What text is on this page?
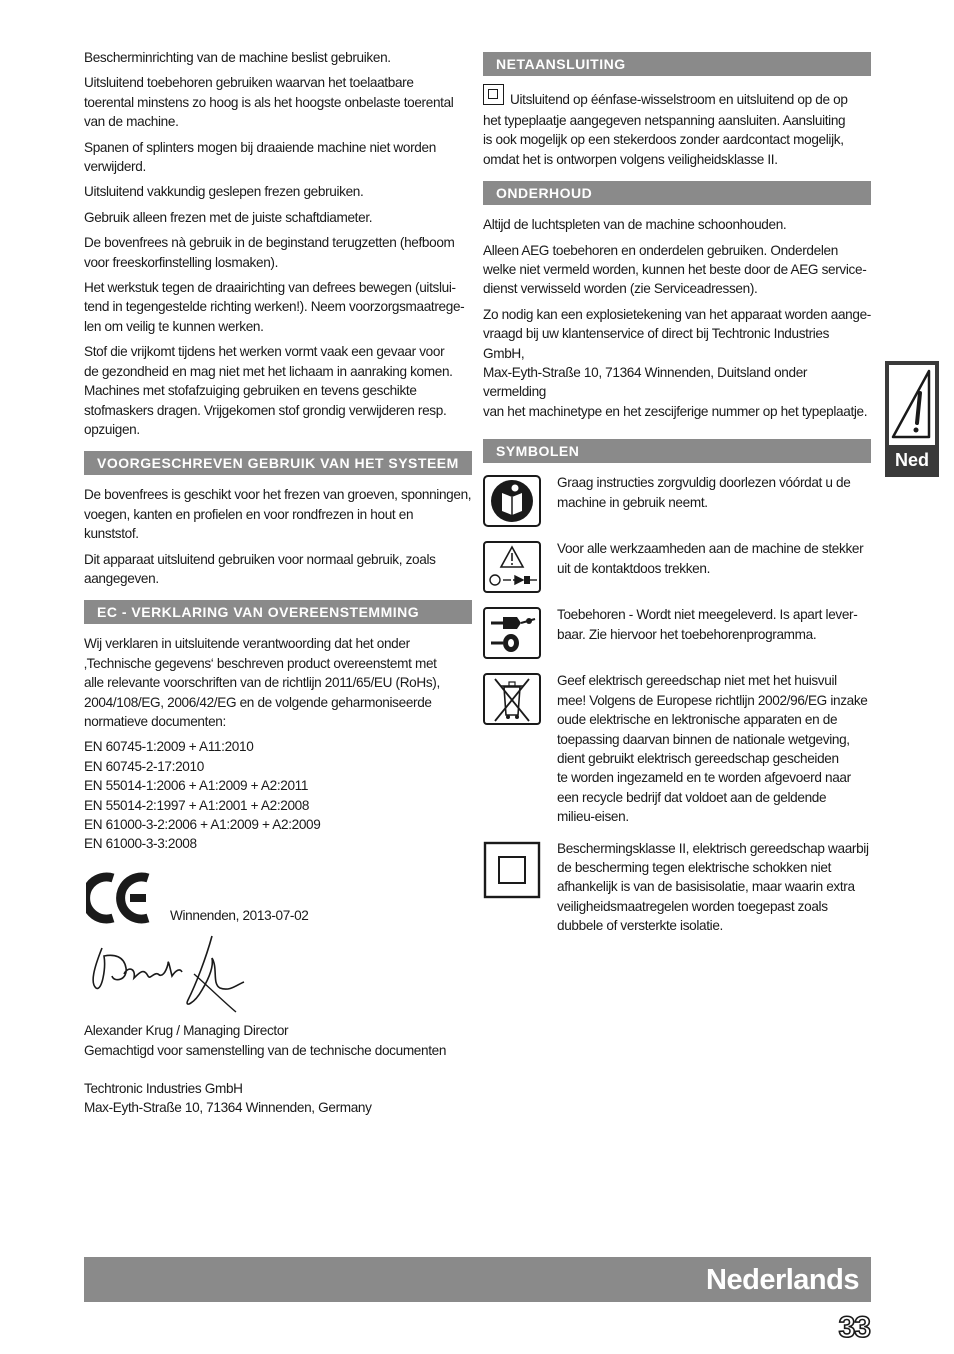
Bescherminrichting van de machine beslist gebruiken.

Uitsluitend toebehoren gebruiken waarvan het toelaatbare
toerental minstens zo hoog is als het hoogste onbelaste toerental
van de machine.

Spanen of splinters mogen bij draaiende machine niet worden
verwijderd.

Uitsluitend vakkundig geslepen frezen gebruiken.

Gebruik alleen frezen met de juiste schaftdiameter.

De bovenfrees nà gebruik in de beginstand terugzetten (hefboom
voor freeskorfinstelling losmaken).

Het werkstuk tegen de draairichting van defrees bewegen (uitslui-
tend in tegengestelde richting werken!). Neem voorzorgsmaatrege-
len om veilig te kunnen werken.

Stof die vrijkomt tijdens het werken vormt vaak een gevaar voor
de gezondheid en mag niet met het lichaam in aanraking komen.
Machines met stofafzuiging gebruiken en tevens geschikte
stofmaskers dragen. Vrijgekomen stof grondig verwijderen resp.
opzuigen.

VOORGESCHREVEN GEBRUIK VAN HET SYSTEEM

De bovenfrees is geschikt voor het frezen van groeven, sponningen,
voegen, kanten en profielen en voor rondfrezen in hout en
kunststof.

Dit apparaat uitsluitend gebruiken voor normaal gebruik, zoals
aangegeven.

EC - VERKLARING VAN OVEREENSTEMMING

Wij verklaren in uitsluitende verantwoording dat het onder
‚Technische gegevens‘ beschreven product overeenstemt met
alle relevante voorschriften van de richtlijn 2011/65/EU (RoHs),
2004/108/EG, 2006/42/EG en de volgende geharmoniseerde
normatieve documenten:

EN 60745-1:2009 + A11:2010
EN 60745-2-17:2010
EN 55014-1:2006 + A1:2009 + A2:2011
EN 55014-2:1997 + A1:2001 + A2:2008
EN 61000-3-2:2006 + A1:2009 + A2:2009
EN 61000-3-3:2008
Winnenden, 2013-07-02
Alexander Krug / Managing Director
Gemachtigd voor samenstelling van de technische documenten
Techtronic Industries GmbH
Max-Eyth-Straße 10, 71364 Winnenden, Germany
NETAANSLUITING

Uitsluitend op éénfase-wisselstroom en uitsluitend op de op
het typeplaatje aangegeven netspanning aansluiten. Aansluiting
is ook mogelijk op een stekerdoos zonder aardcontact mogelijk,
omdat het is ontworpen volgens veiligheidsklasse II.

ONDERHOUD

Altijd de luchtspleten van de machine schoonhouden.

Alleen AEG toebehoren en onderdelen gebruiken. Onderdelen
welke niet vermeld worden, kunnen het beste door de AEG service-
dienst verwisseld worden (zie Serviceadressen).

Zo nodig kan een explosietekening van het apparaat worden aange-
vraagd bij uw klantenservice of direct bij Techtronic Industries GmbH,
Max-Eyth-Straße 10, 71364 Winnenden, Duitsland onder vermelding
van het machinetype en het zescijferige nummer op het typeplaatje.

SYMBOLEN
Graag instructies zorgvuldig doorlezen vóórdat u de
machine in gebruik neemt.
Voor alle werkzaamheden aan de machine de stekker
uit de kontaktdoos trekken.
Toebehoren - Wordt niet meegeleverd. Is apart lever-
baar. Zie hiervoor het toebehorenprogramma.
Geef elektrisch gereedschap niet met het huisvuil
mee! Volgens de Europese richtlijn 2002/96/EG inzake
oude elektrische en lektronische apparaten en de
toepassing daarvan binnen de nationale wetgeving,
dient gebruikt elektrisch gereedschap gescheiden
te worden ingezameld en te worden afgevoerd naar
een recycle bedrijf dat voldoet aan de geldende
milieu-eisen.
Beschermingsklasse II, elektrisch gereedschap waarbij
de bescherming tegen elektrische schokken niet
afhankelijk is van de basisisolatie, maar waarin extra
veiligheidsmaatregelen worden toegepast zoals
dubbele of versterkte isolatie.
Ned
Nederlands
33
